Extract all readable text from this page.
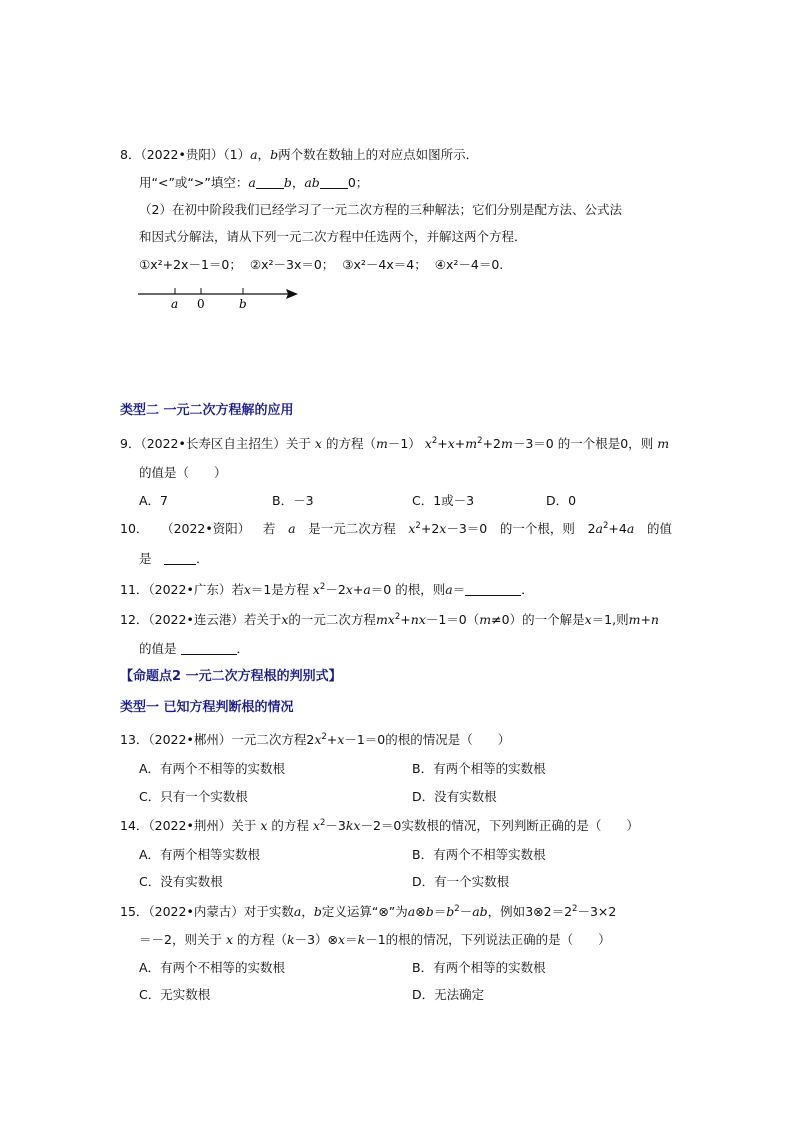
8．（2022•贵阳）（1）a，b两个数在数轴上的对应点如图所示．
用“<”或“>”填空：a b，ab 0；
（2）在初中阶段我们已经学习了一元二次方程的三种解法；它们分别是配方法、公式法
和因式分解法，请从下列一元二次方程中任选两个，并解这两个方程．
①x²+2x－1＝0； ②x²－3x＝0； ③x²－4x＝4； ④x²－4＝0.
a 0	b
类型二 一元二次方程解的应用
9．（2022•长寿区自主招生）关于 x 的方程（m－1） $x^2+x+m^2+2m-3=0$ 的一个根是0，则 m
的值是（　　）
A．7	B．－3	C．1或－3	D．0
10． （2022•资阳） 若 a 是一元二次方程 $x^2+2x-3=0$ 的一个根，则 $2a^2+4a$ 的值
是　	．
11．（2022•广东）若x＝1是方程 $x^2-2x+a=0$ 的根，则a＝	．
12．（2022•连云港）若关于x的一元二次方程$mx^2+nx-1=0(m\ne 0)$的一个解是x＝1,则m+n
的值是	．
【命题点2 一元二次方程根的判别式】
类型一 已知方程判断根的情况
13．（2022•郴州）一元二次方程$2x^2+x-1=0$的根的情况是（　　）
A．有两个不相等的实数根	B．有两个相等的实数根
C．只有一个实数根	D．没有实数根
14．（2022•荆州）关于 x 的方程 $x^2-3kx-2=0$实数根的情况，下列判断正确的是（　　）
A．有两个相等实数根	B．有两个不相等实数根
C．没有实数根	D．有一个实数根
15．（2022•内蒙古）对于实数a，b定义运算“⊗”为$a\otimes b=b^2-ab$，例如$3\otimes 2=2^2-3\times 2$
＝－2，则关于 x 的方程（k－3）⊗x＝k－1的根的情况，下列说法正确的是（　　）
A．有两个不相等的实数根	B．有两个相等的实数根
C．无实数根	D．无法确定
